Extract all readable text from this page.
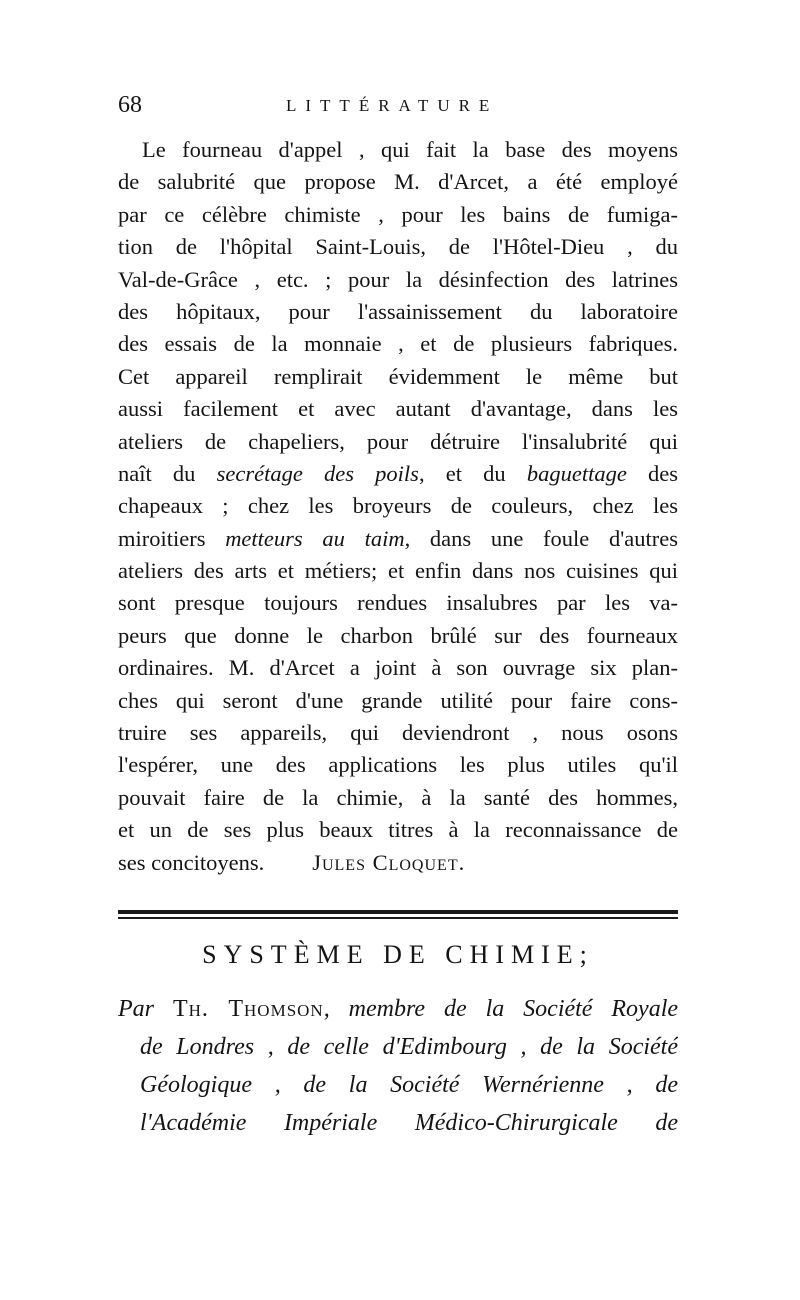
68	LITTÉRATURE
Le fourneau d'appel , qui fait la base des moyens
de salubrité que propose M. d'Arcet, a été employé
par ce célèbre chimiste , pour les bains de fumiga-
tion de l'hôpital Saint-Louis, de l'Hôtel-Dieu , du
Val-de-Grâce , etc. ; pour la désinfection des latrines
des hôpitaux, pour l'assainissement du laboratoire
des essais de la monnaie , et de plusieurs fabriques.
Cet appareil remplirait évidemment le même but
aussi facilement et avec autant d'avantage, dans les
ateliers de chapeliers, pour détruire l'insalubrité qui
naît du secrétage des poils, et du baguettage des
chapeaux ; chez les broyeurs de couleurs, chez les
miroitiers metteurs au taim, dans une foule d'autres
ateliers des arts et métiers; et enfin dans nos cuisines qui
sont presque toujours rendues insalubres par les va-
peurs que donne le charbon brûlé sur des fourneaux
ordinaires. M. d'Arcet a joint à son ouvrage six plan-
ches qui seront d'une grande utilité pour faire cons-
truire ses appareils, qui deviendront , nous osons
l'espérer, une des applications les plus utiles qu'il
pouvait faire de la chimie, à la santé des hommes,
et un de ses plus beaux titres à la reconnaissance de
ses concitoyens. Jules Cloquet.
SYSTÈME DE CHIMIE;
Par Th. Thomson, membre de la Société Royale
de Londres , de celle d'Edimbourg , de la Société
Géologique , de la Société Wernérienne , de
l'Académie Impériale Médico-Chirurgicale de
